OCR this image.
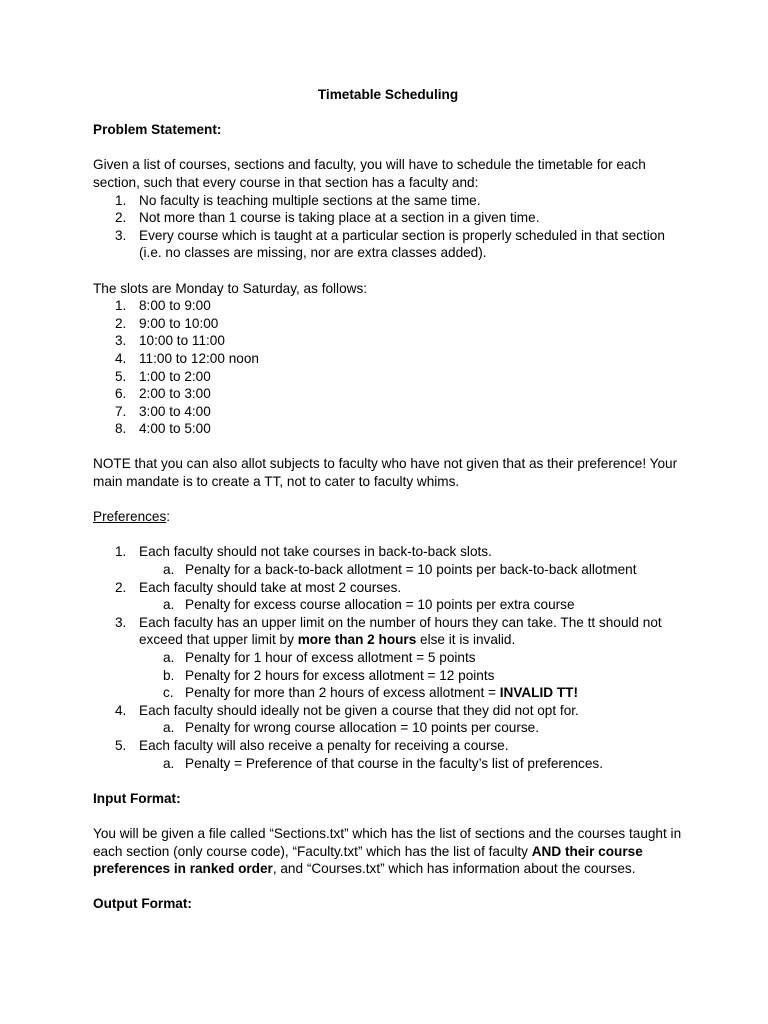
Timetable Scheduling

Problem Statement:

Given a list of courses, sections and faculty, you will have to schedule the timetable for each section, such that every course in that section has a faculty and:

1. No faculty is teaching multiple sections at the same time.
2. Not more than 1 course is taking place at a section in a given time.
3. Every course which is taught at a particular section is properly scheduled in that section (i.e. no classes are missing, nor are extra classes added).

The slots are Monday to Saturday, as follows:

1. 8:00 to 9:00
2. 9:00 to 10:00
3. 10:00 to 11:00
4. 11:00 to 12:00 noon
5. 1:00 to 2:00
6. 2:00 to 3:00
7. 3:00 to 4:00
8. 4:00 to 5:00

NOTE that you can also allot subjects to faculty who have not given that as their preference! Your main mandate is to create a TT, not to cater to faculty whims.

Preferences:

1. Each faculty should not take courses in back-to-back slots.
a. Penalty for a back-to-back allotment = 10 points per back-to-back allotment
2. Each faculty should take at most 2 courses.
a. Penalty for excess course allocation = 10 points per extra course
3. Each faculty has an upper limit on the number of hours they can take. The tt should not exceed that upper limit by more than 2 hours else it is invalid.
a. Penalty for 1 hour of excess allotment = 5 points
b. Penalty for 2 hours for excess allotment = 12 points
c. Penalty for more than 2 hours of excess allotment = INVALID TT!
4. Each faculty should ideally not be given a course that they did not opt for.
a. Penalty for wrong course allocation = 10 points per course.
5. Each faculty will also receive a penalty for receiving a course.
a. Penalty = Preference of that course in the faculty’s list of preferences.

Input Format:

You will be given a file called “Sections.txt” which has the list of sections and the courses taught in each section (only course code), “Faculty.txt” which has the list of faculty AND their course preferences in ranked order, and “Courses.txt” which has information about the courses.

Output Format:
